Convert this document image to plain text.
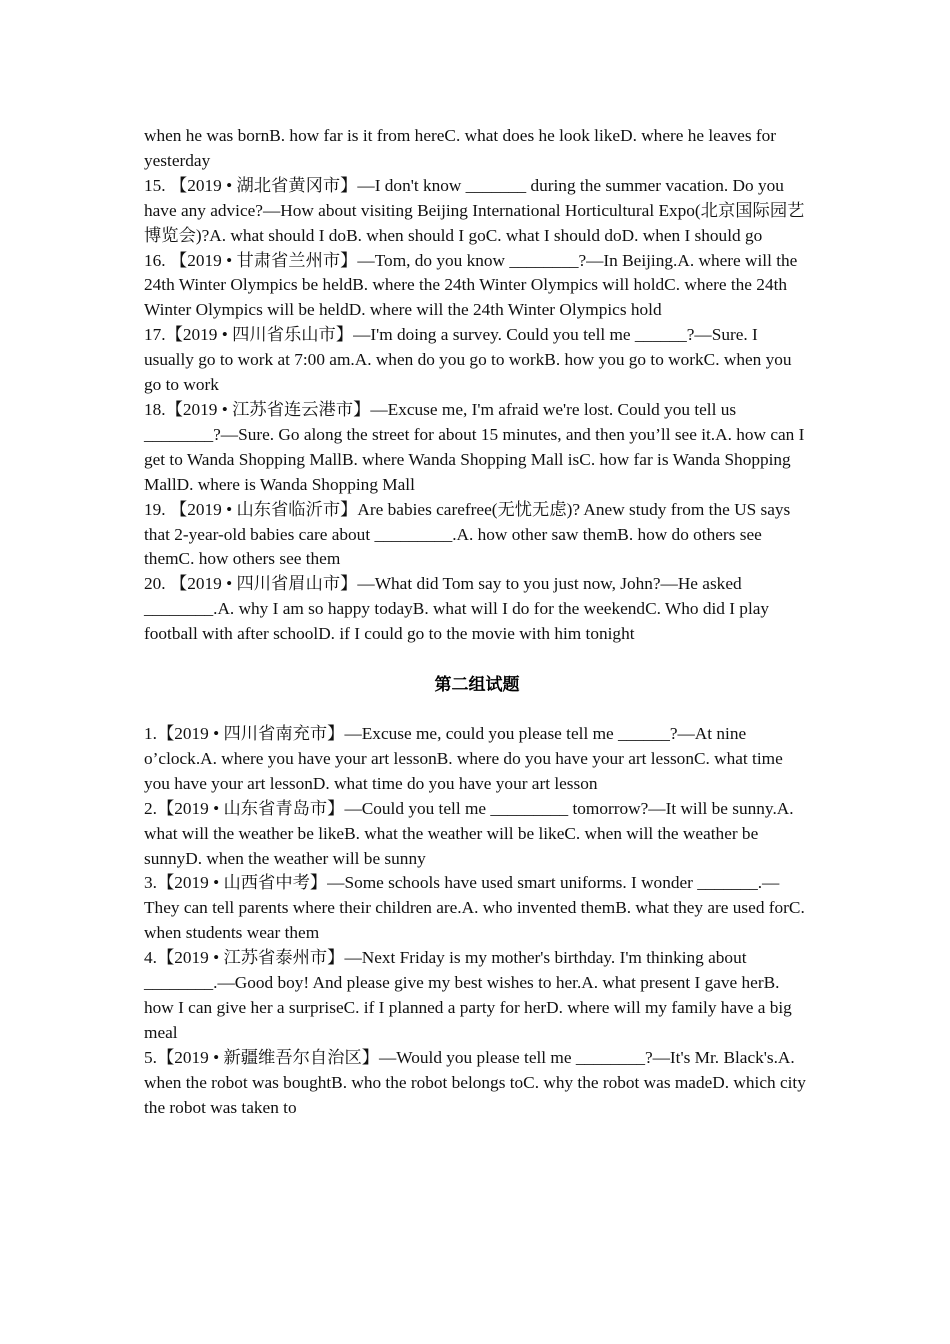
when he was bornB. how far is it from hereC. what does he look likeD. where he leaves for yesterday

15. 【2019 • 湖北省黄冈市】—I don't know _______ during the summer vacation. Do you have any advice?—How about visiting Beijing International Horticultural Expo(北京国际园艺博览会)?A. what should I doB. when should I goC. what I should doD. when I should go

16. 【2019 • 甘肃省兰州市】—Tom, do you know ________?—In Beijing.A. where will the 24th Winter Olympics be heldB. where the 24th Winter Olympics will holdC. where the 24th Winter Olympics will be heldD. where will the 24th Winter Olympics hold

17.【2019 • 四川省乐山市】—I'm doing a survey. Could you tell me ______?—Sure. I usually go to work at 7:00 am.A. when do you go to workB. how you go to workC. when you go to work

18.【2019 • 江苏省连云港市】—Excuse me, I'm afraid we're lost. Could you tell us ________?—Sure. Go along the street for about 15 minutes, and then you’ll see it.A. how can I get to Wanda Shopping MallB. where Wanda Shopping Mall isC. how far is Wanda Shopping MallD. where is Wanda Shopping Mall

19. 【2019 • 山东省临沂市】Are babies carefree(无忧无虑)? Anew study from the US says that 2-year-old babies care about _________.A. how other saw themB. how do others see themC. how others see them

20. 【2019 • 四川省眉山市】—What did Tom say to you just now, John?—He asked ________.A. why I am so happy todayB. what will I do for the weekendC. Who did I play football with after schoolD. if I could go to the movie with him tonight

第二组试题

1.【2019 • 四川省南充市】—Excuse me, could you please tell me ______?—At nine o’clock.A. where you have your art lessonB. where do you have your art lessonC. what time you have your art lessonD. what time do you have your art lesson

2.【2019 • 山东省青岛市】—Could you tell me _________ tomorrow?—It will be sunny.A. what will the weather be likeB. what the weather will be likeC. when will the weather be sunnyD. when the weather will be sunny

3.【2019 • 山西省中考】—Some schools have used smart uniforms. I wonder _______.—They can tell parents where their children are.A. who invented themB. what they are used forC. when students wear them

4.【2019 • 江苏省泰州市】—Next Friday is my mother's birthday. I'm thinking about ________.—Good boy! And please give my best wishes to her.A. what present I gave herB. how I can give her a surpriseC. if I planned a party for herD. where will my family have a big meal

5.【2019 • 新疆维吾尔自治区】—Would you please tell me ________?—It's Mr. Black's.A. when the robot was boughtB. who the robot belongs toC. why the robot was madeD. which city the robot was taken to
